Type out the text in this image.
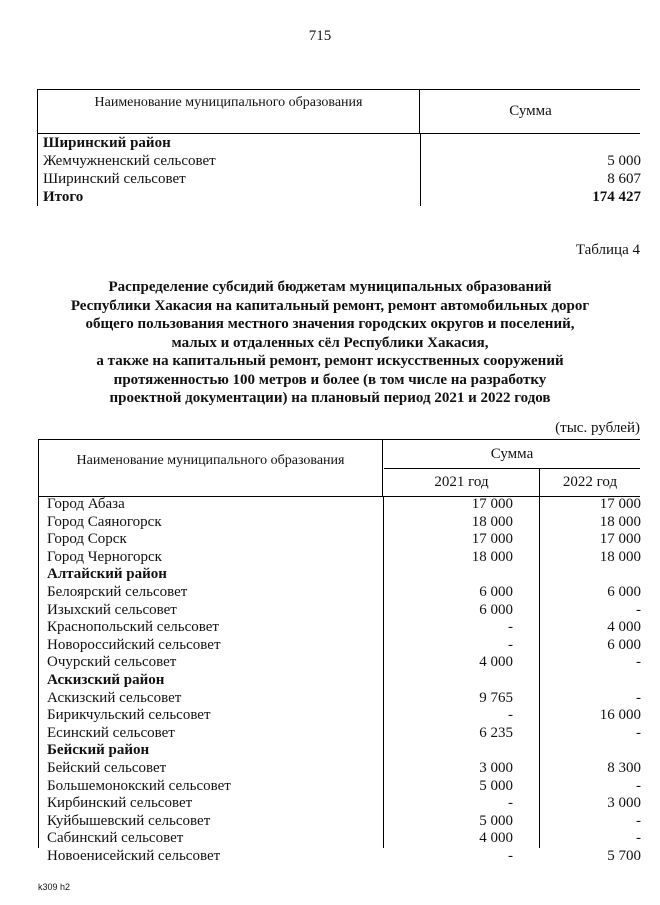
715
Наименование муниципального образования
Сумма
Ширинский район
Жемчужненский сельсовет	5 000
Ширинский сельсовет	8 607
Итого	174 427
Таблица 4
Распределение субсидий бюджетам муниципальных образований
Республики Хакасия на капитальный ремонт, ремонт автомобильных дорог
общего пользования местного значения городских округов и поселений,
малых и отдаленных сёл Республики Хакасия,
а также на капитальный ремонт, ремонт искусственных сооружений
протяженностью 100 метров и более (в том числе на разработку
проектной документации) на плановый период 2021 и 2022 годов
(тыс. рублей)
Наименование муниципального образования	Сумма
2021 год	2022 год
Город Абаза	17 000	17 000
Город Саяногорск	18 000	18 000
Город Сорск	17 000	17 000
Город Черногорск	18 000	18 000
Алтайский район
Белоярский сельсовет	6 000	6 000
Изыхский сельсовет	6 000	-
Краснопольский сельсовет	-	4 000
Новороссийский сельсовет	-	6 000
Очурский сельсовет	4 000	-
Аскизский район
Аскизский сельсовет	9 765	-
Бирикчульский сельсовет	-	16 000
Есинский сельсовет	6 235	-
Бейский район
Бейский сельсовет	3 000	8 300
Большемонокский сельсовет	5 000	-
Кирбинский сельсовет	-	3 000
Куйбышевский сельсовет	5 000	-
Сабинский сельсовет	4 000	-
Новоенисейский сельсовет	-	5 700
k309 h2
